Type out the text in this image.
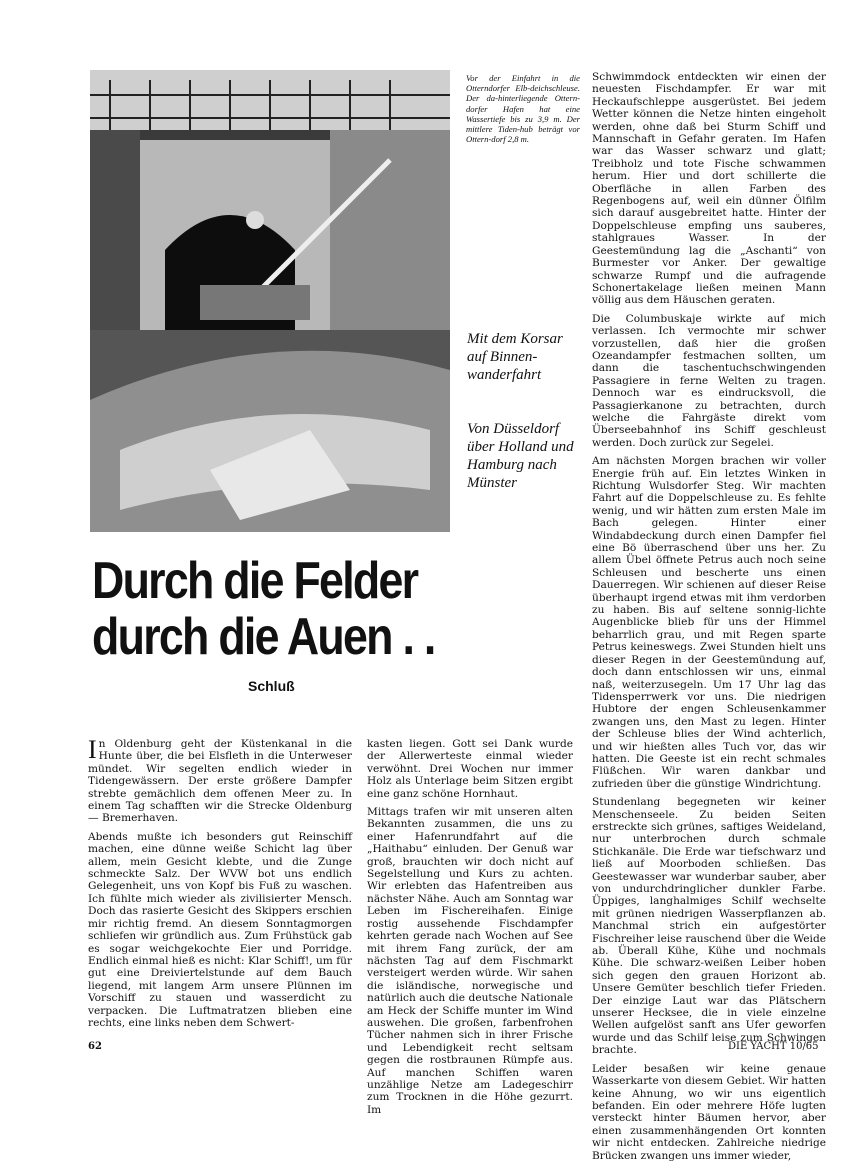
Vor der Einfahrt in die Otterndorfer Elb-deichschleuse. Der da-hinterliegende Ottern-dorfer Hafen hat eine Wassertiefe bis zu 3,9 m. Der mittlere Tiden-hub beträgt vor Ottern-dorf 2,8 m.

Mit dem Korsar auf Binnen-wanderfahrt

Von Düsseldorf über Holland und Hamburg nach Münster

Durch die Felder
durch die Auen . .

Schluß

In Oldenburg geht der Küstenkanal in die Hunte über, die bei Elsfleth in die Unterweser mündet. Wir segelten endlich wieder in Tidengewässern. Der erste größere Dampfer strebte gemächlich dem offenen Meer zu. In einem Tag schafften wir die Strecke Oldenburg — Bremerhaven.

Abends mußte ich besonders gut Reinschiff machen, eine dünne weiße Schicht lag über allem, mein Gesicht klebte, und die Zunge schmeckte Salz. Der WVW bot uns endlich Gelegenheit, uns von Kopf bis Fuß zu waschen. Ich fühlte mich wieder als zivilisierter Mensch. Doch das rasierte Gesicht des Skippers erschien mir richtig fremd. An diesem Sonntagmorgen schliefen wir gründlich aus. Zum Frühstück gab es sogar weichgekochte Eier und Porridge. Endlich einmal hieß es nicht: Klar Schiff!, um für gut eine Dreiviertelstunde auf dem Bauch liegend, mit langem Arm unsere Plünnen im Vorschiff zu stauen und wasserdicht zu verpacken. Die Luftmatratzen blieben eine rechts, eine links neben dem Schwert-

kasten liegen. Gott sei Dank wurde der Allerwerteste einmal wieder verwöhnt. Drei Wochen nur immer Holz als Unterlage beim Sitzen ergibt eine ganz schöne Hornhaut.

Mittags trafen wir mit unseren alten Bekannten zusammen, die uns zu einer Hafenrundfahrt auf die „Haithabu“ einluden. Der Genuß war groß, brauchten wir doch nicht auf Segelstellung und Kurs zu achten. Wir erlebten das Hafentreiben aus nächster Nähe. Auch am Sonntag war Leben im Fischereihafen. Einige rostig aussehende Fischdampfer kehrten gerade nach Wochen auf See mit ihrem Fang zurück, der am nächsten Tag auf dem Fischmarkt versteigert werden würde. Wir sahen die isländische, norwegische und natürlich auch die deutsche Nationale am Heck der Schiffe munter im Wind auswehen. Die großen, farbenfrohen Tücher nahmen sich in ihrer Frische und Lebendigkeit recht seltsam gegen die rostbraunen Rümpfe aus. Auf manchen Schiffen waren unzählige Netze am Ladegeschirr zum Trocknen in die Höhe gezurrt. Im

Schwimmdock entdeckten wir einen der neuesten Fischdampfer. Er war mit Heckaufschleppe ausgerüstet. Bei jedem Wetter können die Netze hinten eingeholt werden, ohne daß bei Sturm Schiff und Mannschaft in Gefahr geraten. Im Hafen war das Wasser schwarz und glatt; Treibholz und tote Fische schwammen herum. Hier und dort schillerte die Oberfläche in allen Farben des Regenbogens auf, weil ein dünner Ölfilm sich darauf ausgebreitet hatte. Hinter der Doppelschleuse empfing uns sauberes, stahlgraues Wasser. In der Geestemündung lag die „Aschanti“ von Burmester vor Anker. Der gewaltige schwarze Rumpf und die aufragende Schonertakelage ließen meinen Mann völlig aus dem Häuschen geraten.

Die Columbuskaje wirkte auf mich verlassen. Ich vermochte mir schwer vorzustellen, daß hier die großen Ozeandampfer festmachen sollten, um dann die taschentuchschwingenden Passagiere in ferne Welten zu tragen. Dennoch war es eindrucksvoll, die Passagierkanone zu betrachten, durch welche die Fahrgäste direkt vom Überseebahnhof ins Schiff geschleust werden. Doch zurück zur Segelei.

Am nächsten Morgen brachen wir voller Energie früh auf. Ein letztes Winken in Richtung Wulsdorfer Steg. Wir machten Fahrt auf die Doppelschleuse zu. Es fehlte wenig, und wir hätten zum ersten Male im Bach gelegen. Hinter einer Windabdeckung durch einen Dampfer fiel eine Bö überraschend über uns her. Zu allem Übel öffnete Petrus auch noch seine Schleusen und bescherte uns einen Dauerregen. Wir schienen auf dieser Reise überhaupt irgend etwas mit ihm verdorben zu haben. Bis auf seltene sonnig-lichte Augenblicke blieb für uns der Himmel beharrlich grau, und mit Regen sparte Petrus keineswegs. Zwei Stunden hielt uns dieser Regen in der Geestemündung auf, doch dann entschlossen wir uns, einmal naß, weiterzusegeln. Um 17 Uhr lag das Tidensperrwerk vor uns. Die niedrigen Hubtore der engen Schleusenkammer zwangen uns, den Mast zu legen. Hinter der Schleuse blies der Wind achterlich, und wir hießten alles Tuch vor, das wir hatten. Die Geeste ist ein recht schmales Flüßchen. Wir waren dankbar und zufrieden über die günstige Windrichtung.

Stundenlang begegneten wir keiner Menschenseele. Zu beiden Seiten erstreckte sich grünes, saftiges Weideland, nur unterbrochen durch schmale Stichkanäle. Die Erde war tiefschwarz und ließ auf Moorboden schließen. Das Geestewasser war wunderbar sauber, aber von undurchdringlicher dunkler Farbe. Üppiges, langhalmiges Schilf wechselte mit grünen niedrigen Wasserpflanzen ab. Manchmal strich ein aufgestörter Fischreiher leise rauschend über die Weide ab. Überall Kühe, Kühe und nochmals Kühe. Die schwarz-weißen Leiber hoben sich gegen den grauen Horizont ab. Unsere Gemüter beschlich tiefer Frieden. Der einzige Laut war das Plätschern unserer Hecksee, die in viele einzelne Wellen aufgelöst sanft ans Ufer geworfen wurde und das Schilf leise zum Schwingen brachte.

Leider besaßen wir keine genaue Wasserkarte von diesem Gebiet. Wir hatten keine Ahnung, wo wir uns eigentlich befanden. Ein oder mehrere Höfe lugten versteckt hinter Bäumen hervor, aber einen zusammenhängenden Ort konnten wir nicht entdecken. Zahlreiche niedrige Brücken zwangen uns immer wieder,

62	DIE YACHT 10/65
